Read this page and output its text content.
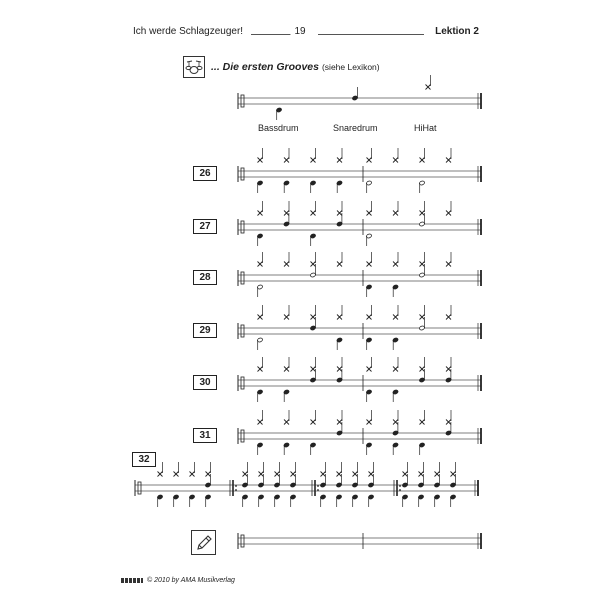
Ich werde Schlagzeuger!	19	Lektion 2
... Die ersten Grooves (siehe Lexikon)
Bassdrum	Snaredrum	HiHat
26
27
28
29
30
31
32
© 2010 by AMA Musikverlag
